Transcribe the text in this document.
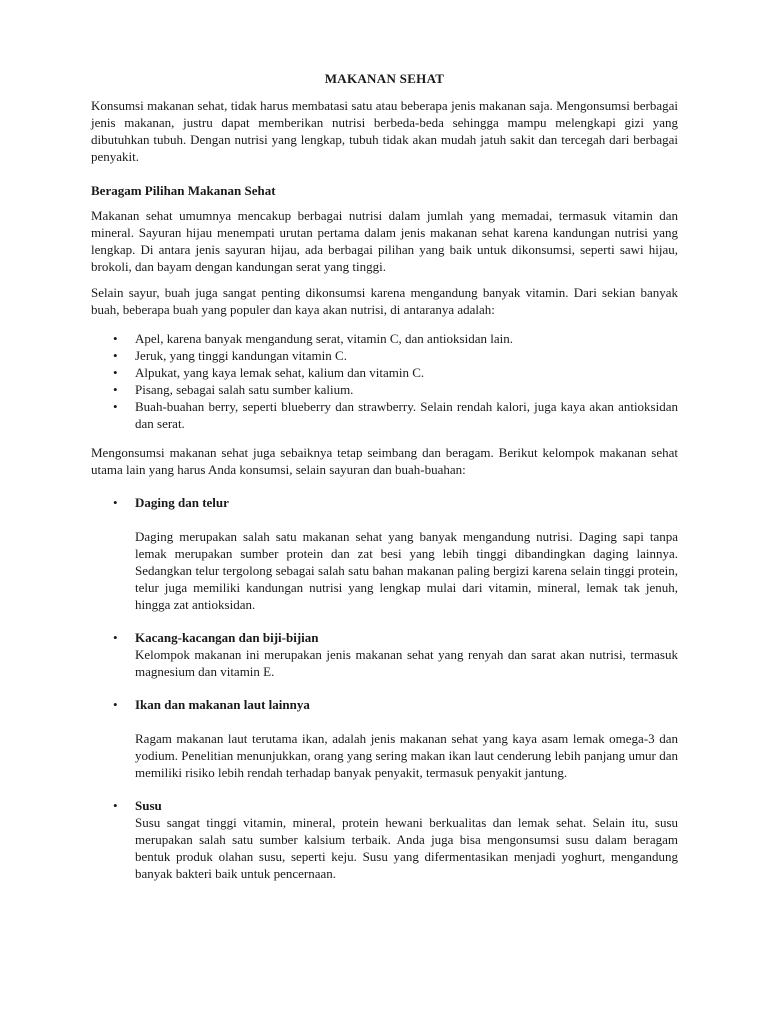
MAKANAN SEHAT

Konsumsi makanan sehat, tidak harus membatasi satu atau beberapa jenis makanan saja. Mengonsumsi berbagai jenis makanan, justru dapat memberikan nutrisi berbeda-beda sehingga mampu melengkapi gizi yang dibutuhkan tubuh. Dengan nutrisi yang lengkap, tubuh tidak akan mudah jatuh sakit dan tercegah dari berbagai penyakit.

Beragam Pilihan Makanan Sehat

Makanan sehat umumnya mencakup berbagai nutrisi dalam jumlah yang memadai, termasuk vitamin dan mineral. Sayuran hijau menempati urutan pertama dalam jenis makanan sehat karena kandungan nutrisi yang lengkap. Di antara jenis sayuran hijau, ada berbagai pilihan yang baik untuk dikonsumsi, seperti sawi hijau, brokoli, dan bayam dengan kandungan serat yang tinggi.

Selain sayur, buah juga sangat penting dikonsumsi karena mengandung banyak vitamin. Dari sekian banyak buah, beberapa buah yang populer dan kaya akan nutrisi, di antaranya adalah:

• Apel, karena banyak mengandung serat, vitamin C, dan antioksidan lain.
• Jeruk, yang tinggi kandungan vitamin C.
• Alpukat, yang kaya lemak sehat, kalium dan vitamin C.
• Pisang, sebagai salah satu sumber kalium.
• Buah-buahan berry, seperti blueberry dan strawberry. Selain rendah kalori, juga kaya akan antioksidan dan serat.

Mengonsumsi makanan sehat juga sebaiknya tetap seimbang dan beragam. Berikut kelompok makanan sehat utama lain yang harus Anda konsumsi, selain sayuran dan buah-buahan:

• Daging dan telur
Daging merupakan salah satu makanan sehat yang banyak mengandung nutrisi. Daging sapi tanpa lemak merupakan sumber protein dan zat besi yang lebih tinggi dibandingkan daging lainnya. Sedangkan telur tergolong sebagai salah satu bahan makanan paling bergizi karena selain tinggi protein, telur juga memiliki kandungan nutrisi yang lengkap mulai dari vitamin, mineral, lemak tak jenuh, hingga zat antioksidan.
• Kacang-kacangan dan biji-bijian
Kelompok makanan ini merupakan jenis makanan sehat yang renyah dan sarat akan nutrisi, termasuk magnesium dan vitamin E.
• Ikan dan makanan laut lainnya
Ragam makanan laut terutama ikan, adalah jenis makanan sehat yang kaya asam lemak omega-3 dan yodium. Penelitian menunjukkan, orang yang sering makan ikan laut cenderung lebih panjang umur dan memiliki risiko lebih rendah terhadap banyak penyakit, termasuk penyakit jantung.
• Susu
Susu sangat tinggi vitamin, mineral, protein hewani berkualitas dan lemak sehat. Selain itu, susu merupakan salah satu sumber kalsium terbaik. Anda juga bisa mengonsumsi susu dalam beragam bentuk produk olahan susu, seperti keju. Susu yang difermentasikan menjadi yoghurt, mengandung banyak bakteri baik untuk pencernaan.
